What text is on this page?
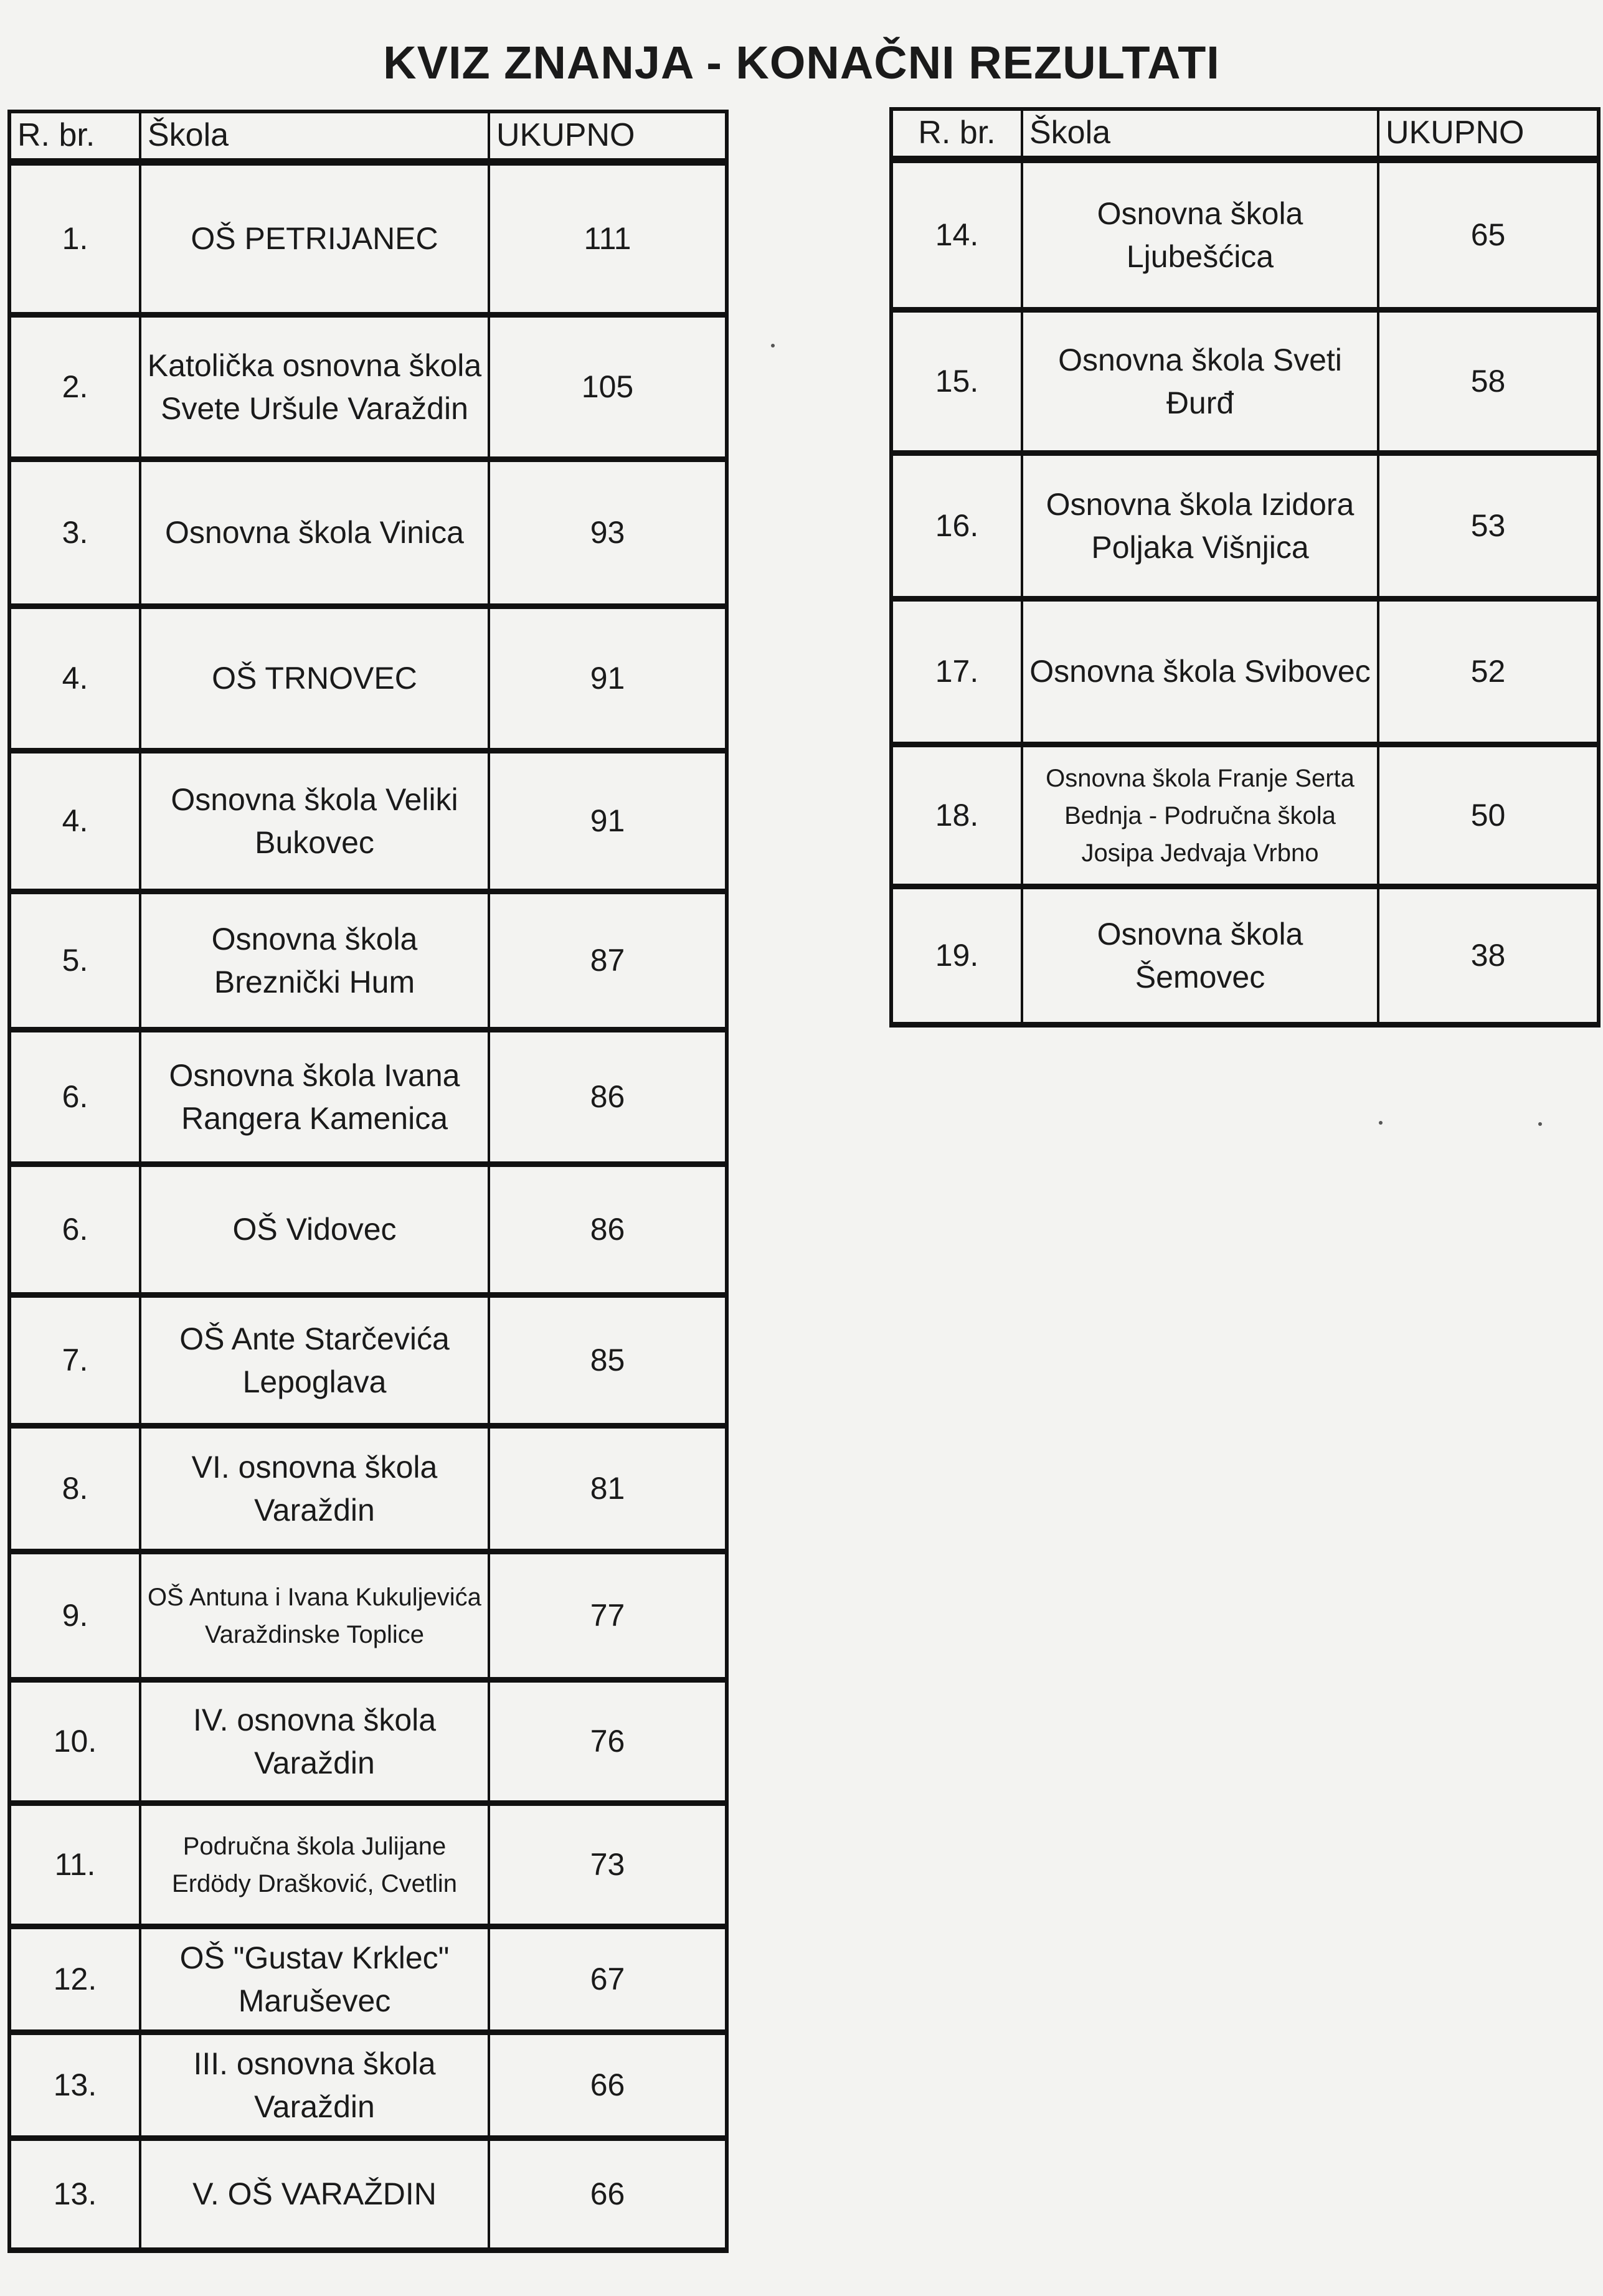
KVIZ ZNANJA - KONAČNI REZULTATI
R. br.	Škola	UKUPNO
1.	OŠ PETRIJANEC	111
2.	Katolička osnovna škola Svete Uršule Varaždin	105
3.	Osnovna škola Vinica	93
4.	OŠ TRNOVEC	91
4.	Osnovna škola Veliki Bukovec	91
5.	Osnovna škola Breznički Hum	87
6.	Osnovna škola Ivana Rangera Kamenica	86
6.	OŠ Vidovec	86
7.	OŠ Ante Starčevića Lepoglava	85
8.	VI. osnovna škola Varaždin	81
9.	OŠ Antuna i Ivana Kukuljevića Varaždinske Toplice	77
10.	IV. osnovna škola Varaždin	76
11.	Područna škola Julijane Erdödy Drašković, Cvetlin	73
12.	OŠ "Gustav Krklec" Maruševec	67
13.	III. osnovna škola Varaždin	66
13.	V. OŠ VARAŽDIN	66
R. br.	Škola	UKUPNO
14.	Osnovna škola Ljubešćica	65
15.	Osnovna škola Sveti Đurđ	58
16.	Osnovna škola Izidora Poljaka Višnjica	53
17.	Osnovna škola Svibovec	52
18.	Osnovna škola Franje Serta Bednja - Područna škola Josipa Jedvaja Vrbno	50
19.	Osnovna škola Šemovec	38
